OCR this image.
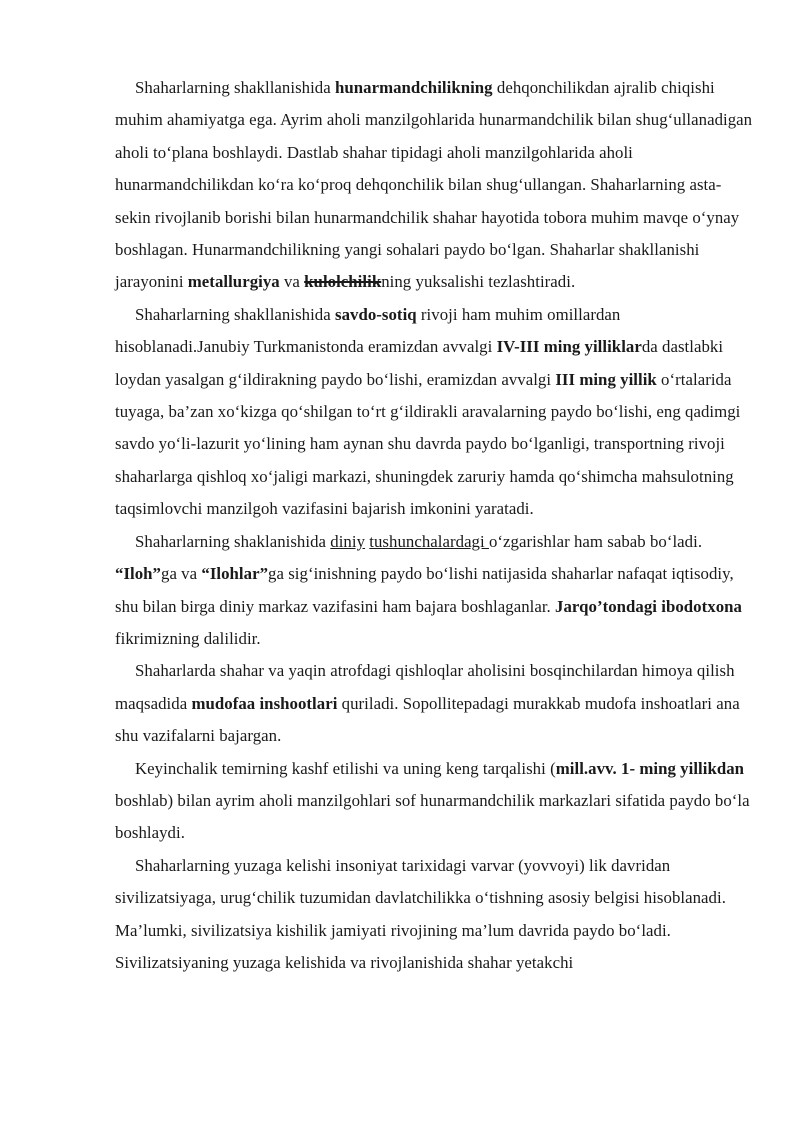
Shaharlarning shakllanishida hunarmandchilikning dehqonchilikdan ajralib chiqishi muhim ahamiyatga ega. Ayrim aholi manzilgohlarida hunarmandchilik bilan shug‘ullanadigan aholi to‘plana boshlaydi. Dastlab shahar tipidagi aholi manzilgohlarida aholi hunarmandchilikdan ko‘ra ko‘proq dehqonchilik bilan shug‘ullangan. Shaharlarning asta-sekin rivojlanib borishi bilan hunarmandchilik shahar hayotida tobora muhim mavqe o‘ynay boshlagan. Hunarmandchilikning yangi sohalari paydo bo‘lgan. Shaharlar shakllanishi jarayonini metallurgiya va kulolchilikning yuksalishi tezlashtiradi.

Shaharlarning shakllanishida savdo-sotiq rivoji ham muhim omillardan hisoblanadi.Janubiy Turkmanistonda eramizdan avvalgi IV-III ming yilliklarda dastlabki loydan yasalgan g‘ildirakning paydo bo‘lishi, eramizdan avvalgi III ming yillik o‘rtalarida tuyaga, ba’zan xo‘kizga qo‘shilgan to‘rt g‘ildirakli aravalarning paydo bo‘lishi, eng qadimgi savdo yo‘li-lazurit yo‘lining ham aynan shu davrda paydo bo‘lganligi, transportning rivoji shaharlarga qishloq xo‘jaligi markazi, shuningdek zaruriy hamda qo‘shimcha mahsulotning taqsimlovchi manzilgoh vazifasini bajarish imkonini yaratadi.

Shaharlarning shaklanishida diniy tushunchalardagi o‘zgarishlar ham sabab bo‘ladi. “Iloh”ga va “Ilohlar”ga sig‘inishning paydo bo‘lishi natijasida shaharlar nafaqat iqtisodiy, shu bilan birga diniy markaz vazifasini ham bajara boshlaganlar. Jarqo’tondagi ibodotxona fikrimizning dalilidir.

Shaharlarda shahar va yaqin atrofdagi qishloqlar aholisini bosqinchilardan himoya qilish maqsadida mudofaa inshootlari quriladi. Sopollitepadagi murakkab mudofa inshoatlari ana shu vazifalarni bajargan.

Keyinchalik temirning kashf etilishi va uning keng tarqalishi (mill.avv. 1- ming yillikdan boshlab) bilan ayrim aholi manzilgohlari sof hunarmandchilik markazlari sifatida paydo bo‘la boshlaydi.

Shaharlarning yuzaga kelishi insoniyat tarixidagi varvar (yovvoyi) lik davridan sivilizatsiyaga, urug‘chilik tuzumidan davlatchilikka o‘tishning asosiy belgisi hisoblanadi. Ma’lumki, sivilizatsiya kishilik jamiyati rivojining ma’lum davrida paydo bo‘ladi. Sivilizatsiyaning yuzaga kelishida va rivojlanishida shahar yetakchi
